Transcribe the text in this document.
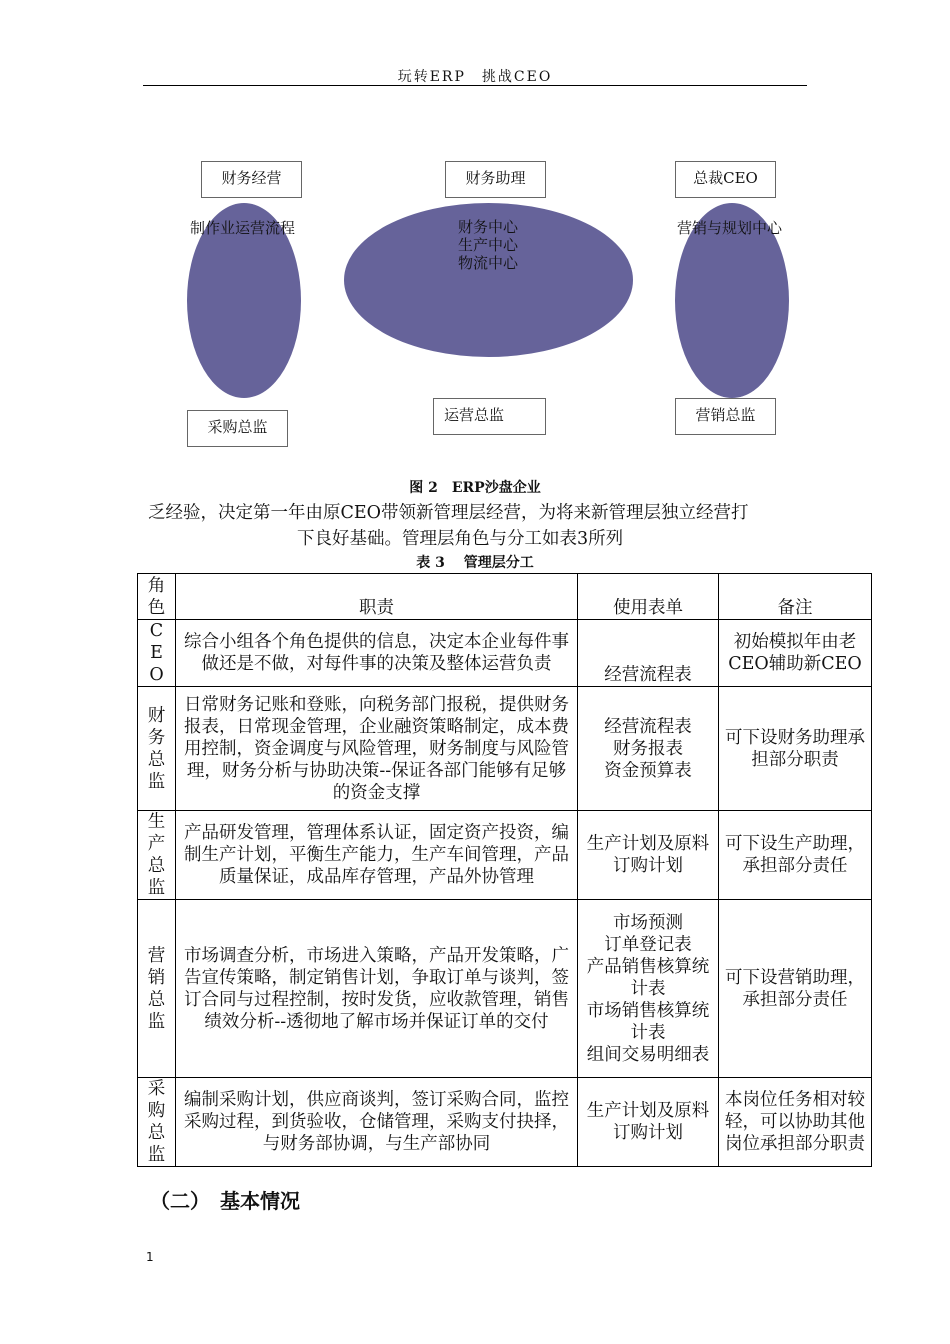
玩转ERP　挑战CEO
财务经营	财务助理	总裁CEO
制作业运营流程	财务中心
生产中心
物流中心
营销与规划中心
采购总监
运营总监	营销总监
图 2　ERP沙盘企业
乏经验，决定第一年由原CEO带领新管理层经营，为将来新管理层独立经营打
下良好基础。管理层角色与分工如表3所列
表 3　 管理层分工
角色	职责	使用表单	备注

CEO	综合小组各个角色提供的信息，决定本企业每件事做还是不做，对每件事的决策及整体运营负责	经营流程表	初始模拟年由老CEO辅助新CEO

财务总监	日常财务记账和登账，向税务部门报税，提供财务报表，日常现金管理，企业融资策略制定，成本费用控制，资金调度与风险管理，财务制度与风险管理，财务分析与协助决策--保证各部门能够有足够的资金支撑	经营流程表
财务报表
资金预算表	可下设财务助理承担部分职责

生产总监	产品研发管理，管理体系认证，固定资产投资，编制生产计划，平衡生产能力，生产车间管理，产品质量保证，成品库存管理，产品外协管理	生产计划及原料订购计划	可下设生产助理，承担部分责任

营销总监	市场调查分析，市场进入策略，产品开发策略，广告宣传策略，制定销售计划，争取订单与谈判，签订合同与过程控制，按时发货，应收款管理，销售绩效分析--透彻地了解市场并保证订单的交付	市场预测
订单登记表
产品销售核算统计表
市场销售核算统计表
组间交易明细表	可下设营销助理，承担部分责任

采购总监	编制采购计划，供应商谈判，签订采购合同，监控采购过程，到货验收，仓储管理，采购支付抉择，与财务部协调，与生产部协同	生产计划及原料订购计划	本岗位任务相对较轻，可以协助其他岗位承担部分职责
（二）　基本情况
1
